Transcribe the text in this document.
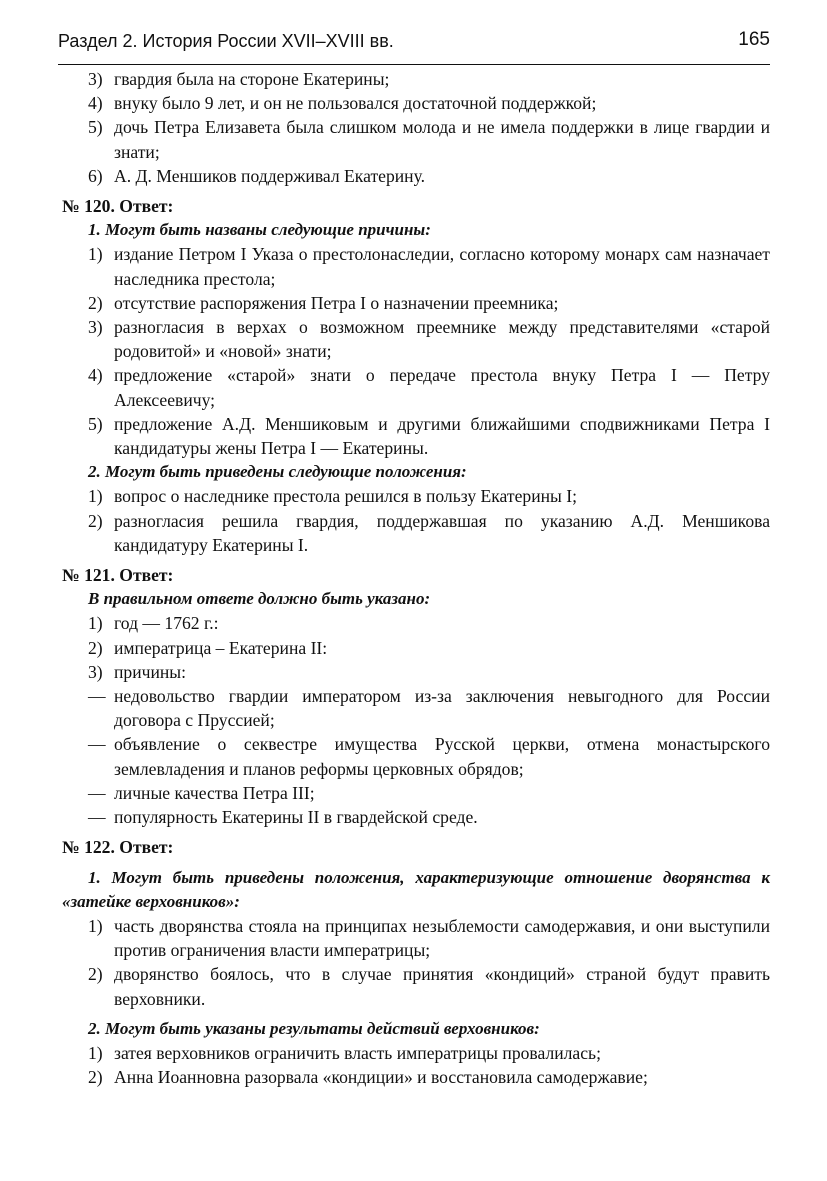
Раздел 2. История России XVII–XVIII вв.	165
3) гвардия была на стороне Екатерины;
4) внуку было 9 лет, и он не пользовался достаточной поддержкой;
5) дочь Петра Елизавета была слишком молода и не имела поддержки в лице гвардии и знати;
6) А. Д. Меншиков поддерживал Екатерину.
№ 120. Ответ:
1. Могут быть названы следующие причины:
1) издание Петром I Указа о престолонаследии, согласно которому монарх сам назначает наследника престола;
2) отсутствие распоряжения Петра I о назначении преемника;
3) разногласия в верхах о возможном преемнике между представителями «старой родовитой» и «новой» знати;
4) предложение «старой» знати о передаче престола внуку Петра I — Петру Алексеевичу;
5) предложение А.Д. Меншиковым и другими ближайшими сподвижниками Петра I кандидатуры жены Петра I — Екатерины.
2. Могут быть приведены следующие положения:
1) вопрос о наследнике престола решился в пользу Екатерины I;
2) разногласия решила гвардия, поддержавшая по указанию А.Д. Меншикова кандидатуру Екатерины I.
№ 121. Ответ:
В правильном ответе должно быть указано:
1) год — 1762 г.:
2) императрица – Екатерина II:
3) причины:
— недовольство гвардии императором из-за заключения невыгодного для России договора с Пруссией;
— объявление о секвестре имущества Русской церкви, отмена монастырского землевладения и планов реформы церковных обрядов;
— личные качества Петра III;
— популярность Екатерины II в гвардейской среде.
№ 122. Ответ:
1. Могут быть приведены положения, характеризующие отношение дворянства к «затейке верховников»:
1) часть дворянства стояла на принципах незыблемости самодержавия, и они выступили против ограничения власти императрицы;
2) дворянство боялось, что в случае принятия «кондиций» страной будут править верховники.
2. Могут быть указаны результаты действий верховников:
1) затея верховников ограничить власть императрицы провалилась;
2) Анна Иоанновна разорвала «кондиции» и восстановила самодержавие;
